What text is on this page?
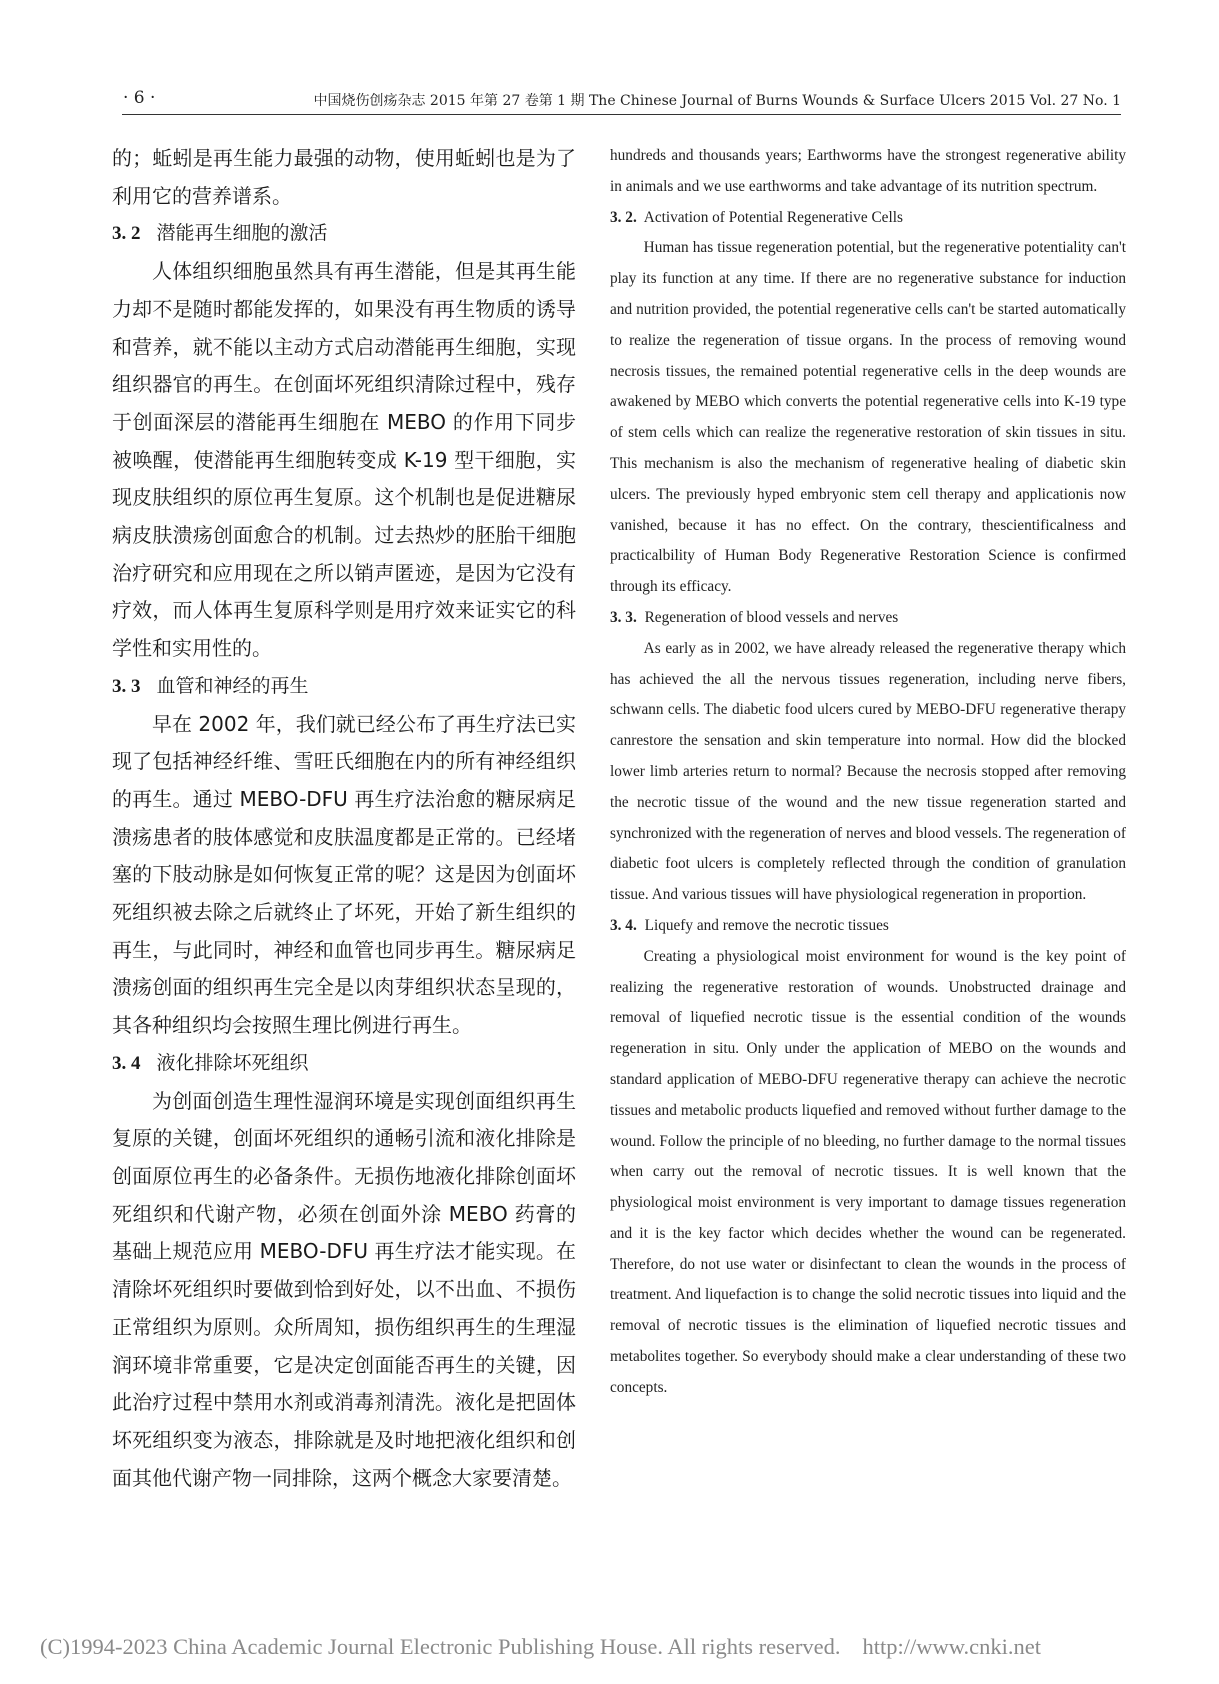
· 6 ·	中国烧伤创疡杂志 2015 年第 27 卷第 1 期 The Chinese Journal of Burns Wounds & Surface Ulcers 2015 Vol. 27 No. 1

的；蚯蚓是再生能力最强的动物，使用蚯蚓也是为了利用它的营养谱系。

3. 2 潜能再生细胞的激活

人体组织细胞虽然具有再生潜能，但是其再生能力却不是随时都能发挥的，如果没有再生物质的诱导和营养，就不能以主动方式启动潜能再生细胞，实现组织器官的再生。在创面坏死组织清除过程中，残存于创面深层的潜能再生细胞在 MEBO 的作用下同步被唤醒，使潜能再生细胞转变成 K-19 型干细胞，实现皮肤组织的原位再生复原。这个机制也是促进糖尿病皮肤溃疡创面愈合的机制。过去热炒的胚胎干细胞治疗研究和应用现在之所以销声匿迹，是因为它没有疗效，而人体再生复原科学则是用疗效来证实它的科学性和实用性的。

3. 3 血管和神经的再生

早在 2002 年，我们就已经公布了再生疗法已实现了包括神经纤维、雪旺氏细胞在内的所有神经组织的再生。通过 MEBO-DFU 再生疗法治愈的糖尿病足溃疡患者的肢体感觉和皮肤温度都是正常的。已经堵塞的下肢动脉是如何恢复正常的呢？这是因为创面坏死组织被去除之后就终止了坏死，开始了新生组织的再生，与此同时，神经和血管也同步再生。糖尿病足溃疡创面的组织再生完全是以肉芽组织状态呈现的，其各种组织均会按照生理比例进行再生。

3. 4 液化排除坏死组织

为创面创造生理性湿润环境是实现创面组织再生复原的关键，创面坏死组织的通畅引流和液化排除是创面原位再生的必备条件。无损伤地液化排除创面坏死组织和代谢产物，必须在创面外涂 MEBO 药膏的基础上规范应用 MEBO-DFU 再生疗法才能实现。在清除坏死组织时要做到恰到好处，以不出血、不损伤正常组织为原则。众所周知，损伤组织再生的生理湿润环境非常重要，它是决定创面能否再生的关键，因此治疗过程中禁用水剂或消毒剂清洗。液化是把固体坏死组织变为液态，排除就是及时地把液化组织和创面其他代谢产物一同排除，这两个概念大家要清楚。

hundreds and thousands years; Earthworms have the strongest regenerative ability in animals and we use earthworms and take advantage of its nutrition spectrum.

3. 2. Activation of Potential Regenerative Cells

Human has tissue regeneration potential, but the regenerative potentiality can't play its function at any time. If there are no regenerative substance for induction and nutrition provided, the potential regenerative cells can't be started automatically to realize the regeneration of tissue organs. In the process of removing wound necrosis tissues, the remained potential regenerative cells in the deep wounds are awakened by MEBO which converts the potential regenerative cells into K-19 type of stem cells which can realize the regenerative restoration of skin tissues in situ. This mechanism is also the mechanism of regenerative healing of diabetic skin ulcers. The previously hyped embryonic stem cell therapy and applicationis now vanished, because it has no effect. On the contrary, thescientificalness and practicalbility of Human Body Regenerative Restoration Science is confirmed through its efficacy.

3. 3. Regeneration of blood vessels and nerves

As early as in 2002, we have already released the regenerative therapy which has achieved the all the nervous tissues regeneration, including nerve fibers, schwann cells. The diabetic food ulcers cured by MEBO-DFU regenerative therapy canrestore the sensation and skin temperature into normal. How did the blocked lower limb arteries return to normal? Because the necrosis stopped after removing the necrotic tissue of the wound and the new tissue regeneration started and synchronized with the regeneration of nerves and blood vessels. The regeneration of diabetic foot ulcers is completely reflected through the condition of granulation tissue. And various tissues will have physiological regeneration in proportion.

3. 4. Liquefy and remove the necrotic tissues

Creating a physiological moist environment for wound is the key point of realizing the regenerative restoration of wounds. Unobstructed drainage and removal of liquefied necrotic tissue is the essential condition of the wounds regeneration in situ. Only under the application of MEBO on the wounds and standard application of MEBO-DFU regenerative therapy can achieve the necrotic tissues and metabolic products liquefied and removed without further damage to the wound. Follow the principle of no bleeding, no further damage to the normal tissues when carry out the removal of necrotic tissues. It is well known that the physiological moist environment is very important to damage tissues regeneration and it is the key factor which decides whether the wound can be regenerated. Therefore, do not use water or disinfectant to clean the wounds in the process of treatment. And liquefaction is to change the solid necrotic tissues into liquid and the removal of necrotic tissues is the elimination of liquefied necrotic tissues and metabolites together. So everybody should make a clear understanding of these two concepts.

(C)1994-2023 China Academic Journal Electronic Publishing House. All rights reserved. http://www.cnki.net
